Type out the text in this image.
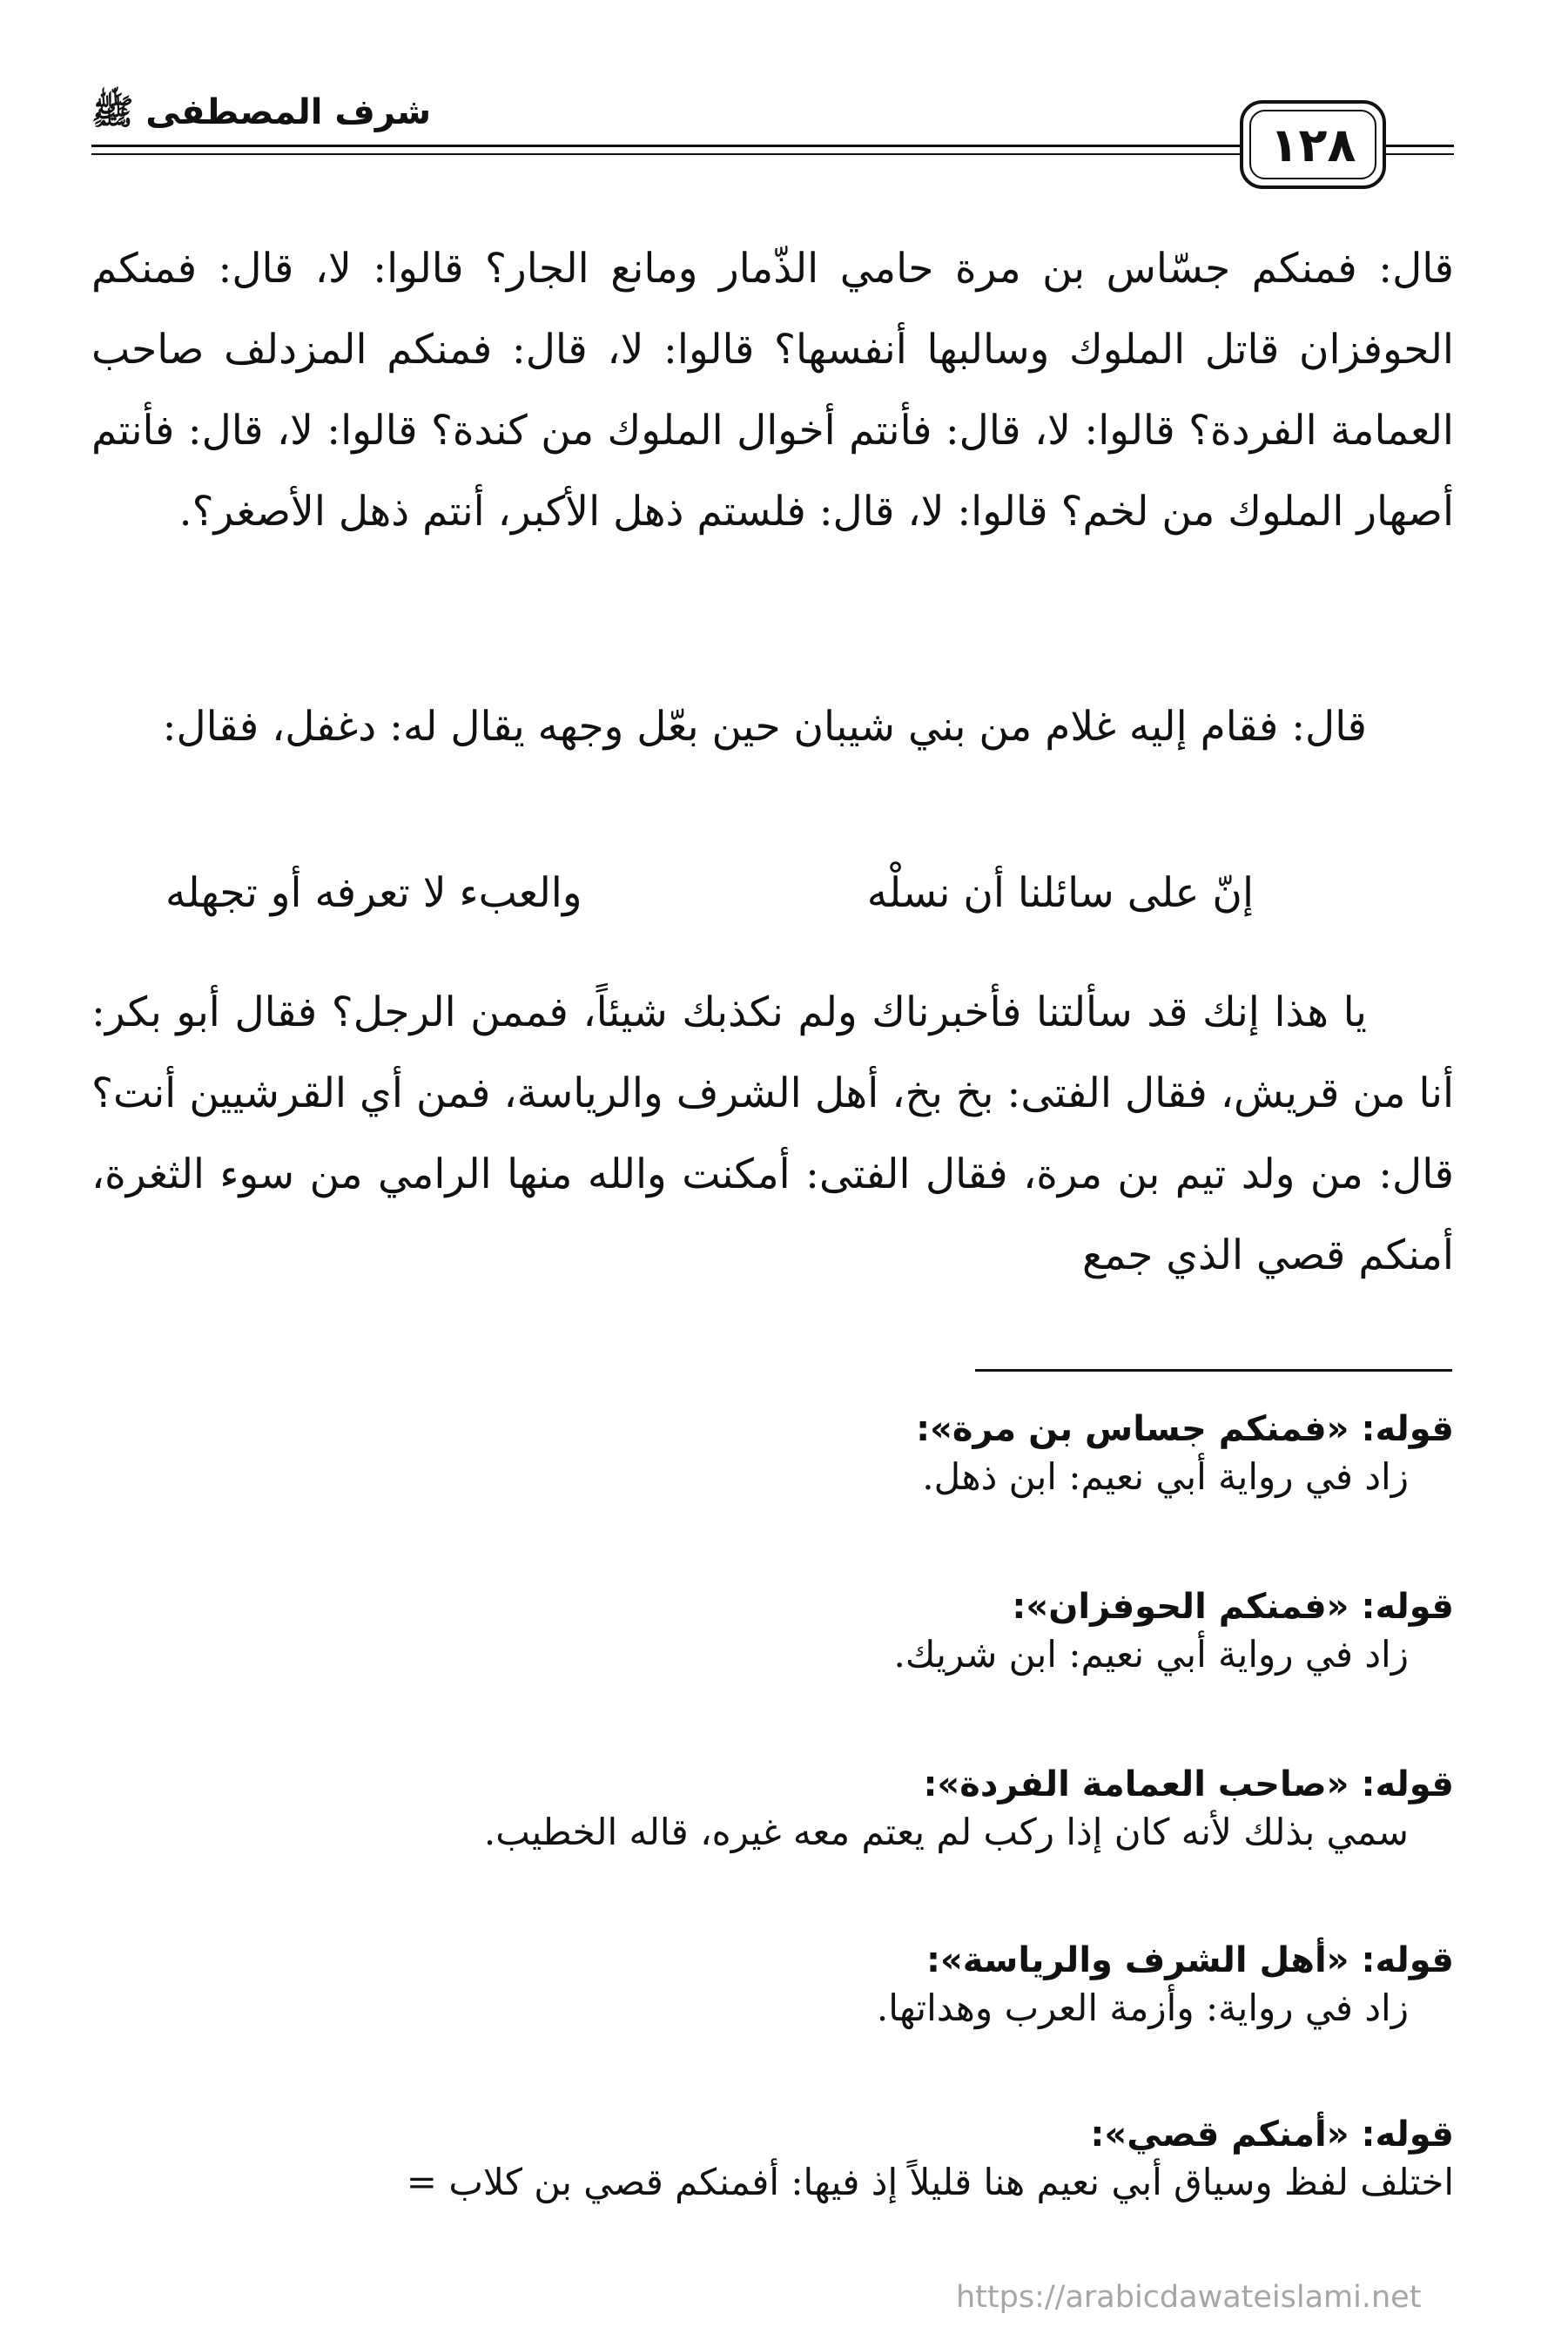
١٢٨
شرف المصطفى ﷺ

قال: فمنكم جسّاس بن مرة حامي الذّمار ومانع الجار؟ قالوا: لا، قال: فمنكم الحوفزان قاتل الملوك وسالبها أنفسها؟ قالوا: لا، قال: فمنكم المزدلف صاحب العمامة الفردة؟ قالوا: لا، قال: فأنتم أخوال الملوك من كندة؟ قالوا: لا، قال: فأنتم أصهار الملوك من لخم؟ قالوا: لا، قال: فلستم ذهل الأكبر، أنتم ذهل الأصغر؟.

قال: فقام إليه غلام من بني شيبان حين بعّل وجهه يقال له: دغفل، فقال:

إنّ على سائلنا أن نسلْه
والعبء لا تعرفه أو تجهله

يا هذا إنك قد سألتنا فأخبرناك ولم نكذبك شيئاً، فممن الرجل؟ فقال أبو بكر: أنا من قريش، فقال الفتى: بخ بخ، أهل الشرف والرياسة، فمن أي القرشيين أنت؟ قال: من ولد تيم بن مرة، فقال الفتى: أمكنت والله منها الرامي من سوء الثغرة، أمنكم قصي الذي جمع

قوله: «فمنكم جساس بن مرة»:

زاد في رواية أبي نعيم: ابن ذهل.

قوله: «فمنكم الحوفزان»:

زاد في رواية أبي نعيم: ابن شريك.

قوله: «صاحب العمامة الفردة»:

سمي بذلك لأنه كان إذا ركب لم يعتم معه غيره، قاله الخطيب.

قوله: «أهل الشرف والرياسة»:

زاد في رواية: وأزمة العرب وهداتها.

قوله: «أمنكم قصي»:

اختلف لفظ وسياق أبي نعيم هنا قليلاً إذ فيها: أفمنكم قصي بن كلاب =

https://arabicdawateislami.net
